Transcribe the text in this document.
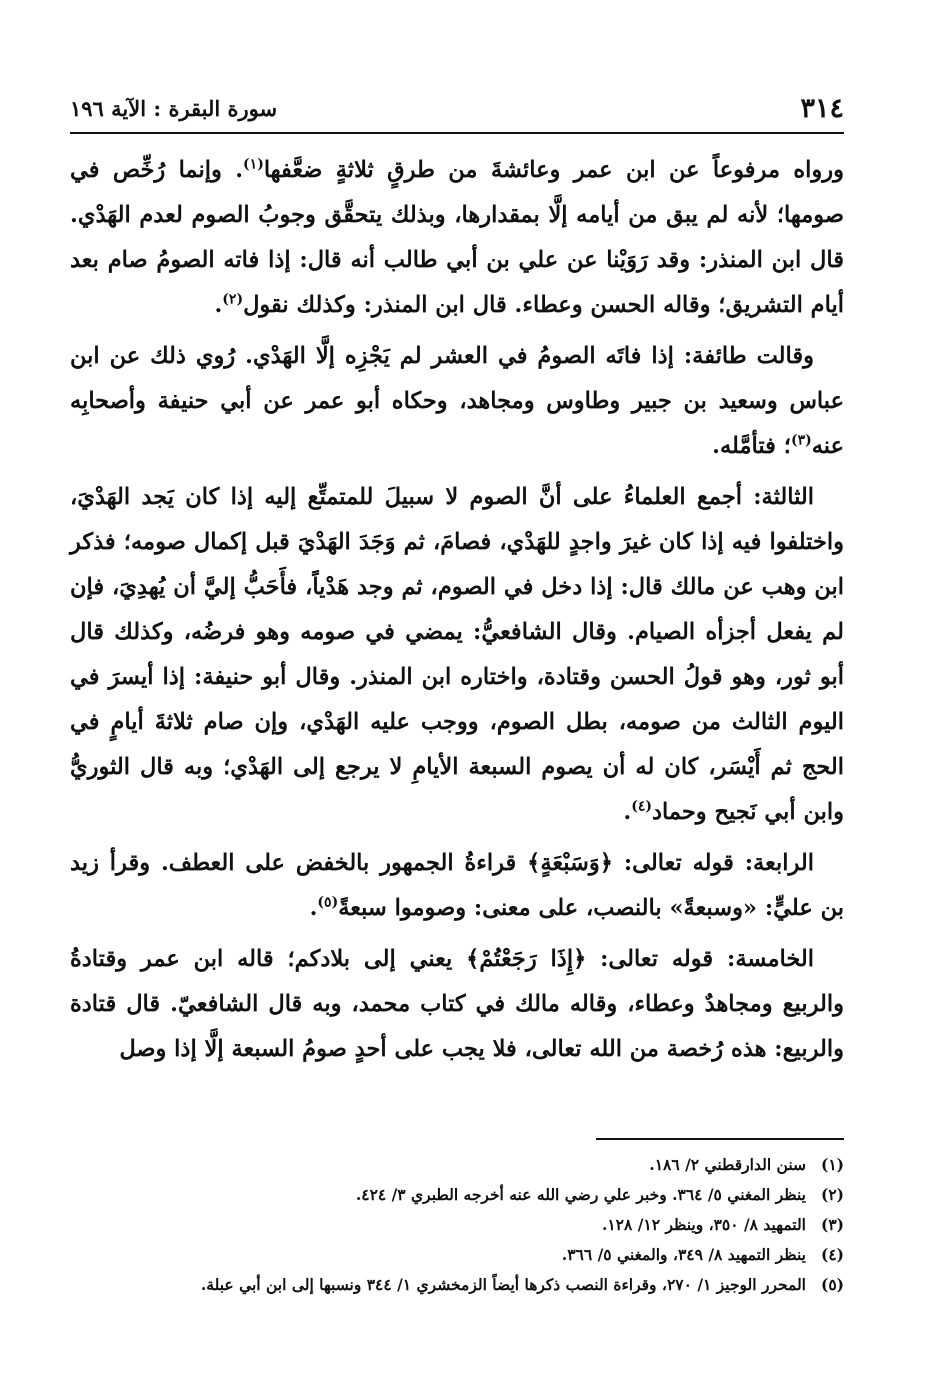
٣١٤
سورة البقرة : الآية ١٩٦

ورواه مرفوعاً عن ابن عمر وعائشةَ من طرقٍ ثلاثةٍ ضعَّفها$^{(١)}$. وإنما رُخِّص في صومها؛ لأنه لم يبق من أيامه إلَّا بمقدارها، وبذلك يتحقَّق وجوبُ الصوم لعدم الهَدْي. قال ابن المنذر: وقد رَوَيْنا عن علي بن أبي طالب أنه قال: إذا فاته الصومُ صام بعد أيام التشريق؛ وقاله الحسن وعطاء. قال ابن المنذر: وكذلك نقول$^{(٢)}$.

وقالت طائفة: إذا فاتَه الصومُ في العشر لم يَجْزِه إلَّا الهَدْي. رُوي ذلك عن ابن عباس وسعيد بن جبير وطاوس ومجاهد، وحكاه أبو عمر عن أبي حنيفة وأصحابِه عنه$^{(٣)}$؛ فتأمَّله.

الثالثة: أجمع العلماءُ على أنَّ الصوم لا سبيلَ للمتمتِّع إليه إذا كان يَجد الهَدْيَ، واختلفوا فيه إذا كان غيرَ واجدٍ للهَدْي، فصامَ، ثم وَجَدَ الهَدْيَ قبل إكمال صومه؛ فذكر ابن وهب عن مالك قال: إذا دخل في الصوم، ثم وجد هَدْياً، فأَحَبُّ إليَّ أن يُهدِيَ، فإن لم يفعل أجزأه الصيام. وقال الشافعيُّ: يمضي في صومه وهو فرضُه، وكذلك قال أبو ثور، وهو قولُ الحسن وقتادة، واختاره ابن المنذر. وقال أبو حنيفة: إذا أيسرَ في اليوم الثالث من صومه، بطل الصوم، ووجب عليه الهَدْي، وإن صام ثلاثةَ أيامٍ في الحج ثم أَيْسَر، كان له أن يصوم السبعة الأيامِ لا يرجع إلى الهَدْي؛ وبه قال الثوريُّ وابن أبي نَجيح وحماد$^{(٤)}$.

الرابعة: قوله تعالى: ﴿وَسَبْعَةٍ﴾ قراءةُ الجمهور بالخفض على العطف. وقرأ زيد بن عليٍّ: «وسبعةً» بالنصب، على معنى: وصوموا سبعةً$^{(٥)}$.

الخامسة: قوله تعالى: ﴿إِذَا رَجَعْتُمْ﴾ يعني إلى بلادكم؛ قاله ابن عمر وقتادةُ والربيع ومجاهدٌ وعطاء، وقاله مالك في كتاب محمد، وبه قال الشافعيّ. قال قتادة والربيع: هذه رُخصة من الله تعالى، فلا يجب على أحدٍ صومُ السبعة إلَّا إذا وصل

(١)
سنن الدارقطني ٢/ ١٨٦.
(٢)
ينظر المغني ٥/ ٣٦٤. وخبر علي رضي الله عنه أخرجه الطبري ٣/ ٤٢٤.
(٣)
التمهيد ٨/ ٣٥٠، وينظر ١٢/ ١٢٨.
(٤)
ينظر التمهيد ٨/ ٣٤٩، والمغني ٥/ ٣٦٦.
(٥)
المحرر الوجيز ١/ ٢٧٠، وقراءة النصب ذكرها أيضاً الزمخشري ١/ ٣٤٤ ونسبها إلى ابن أبي عبلة.
